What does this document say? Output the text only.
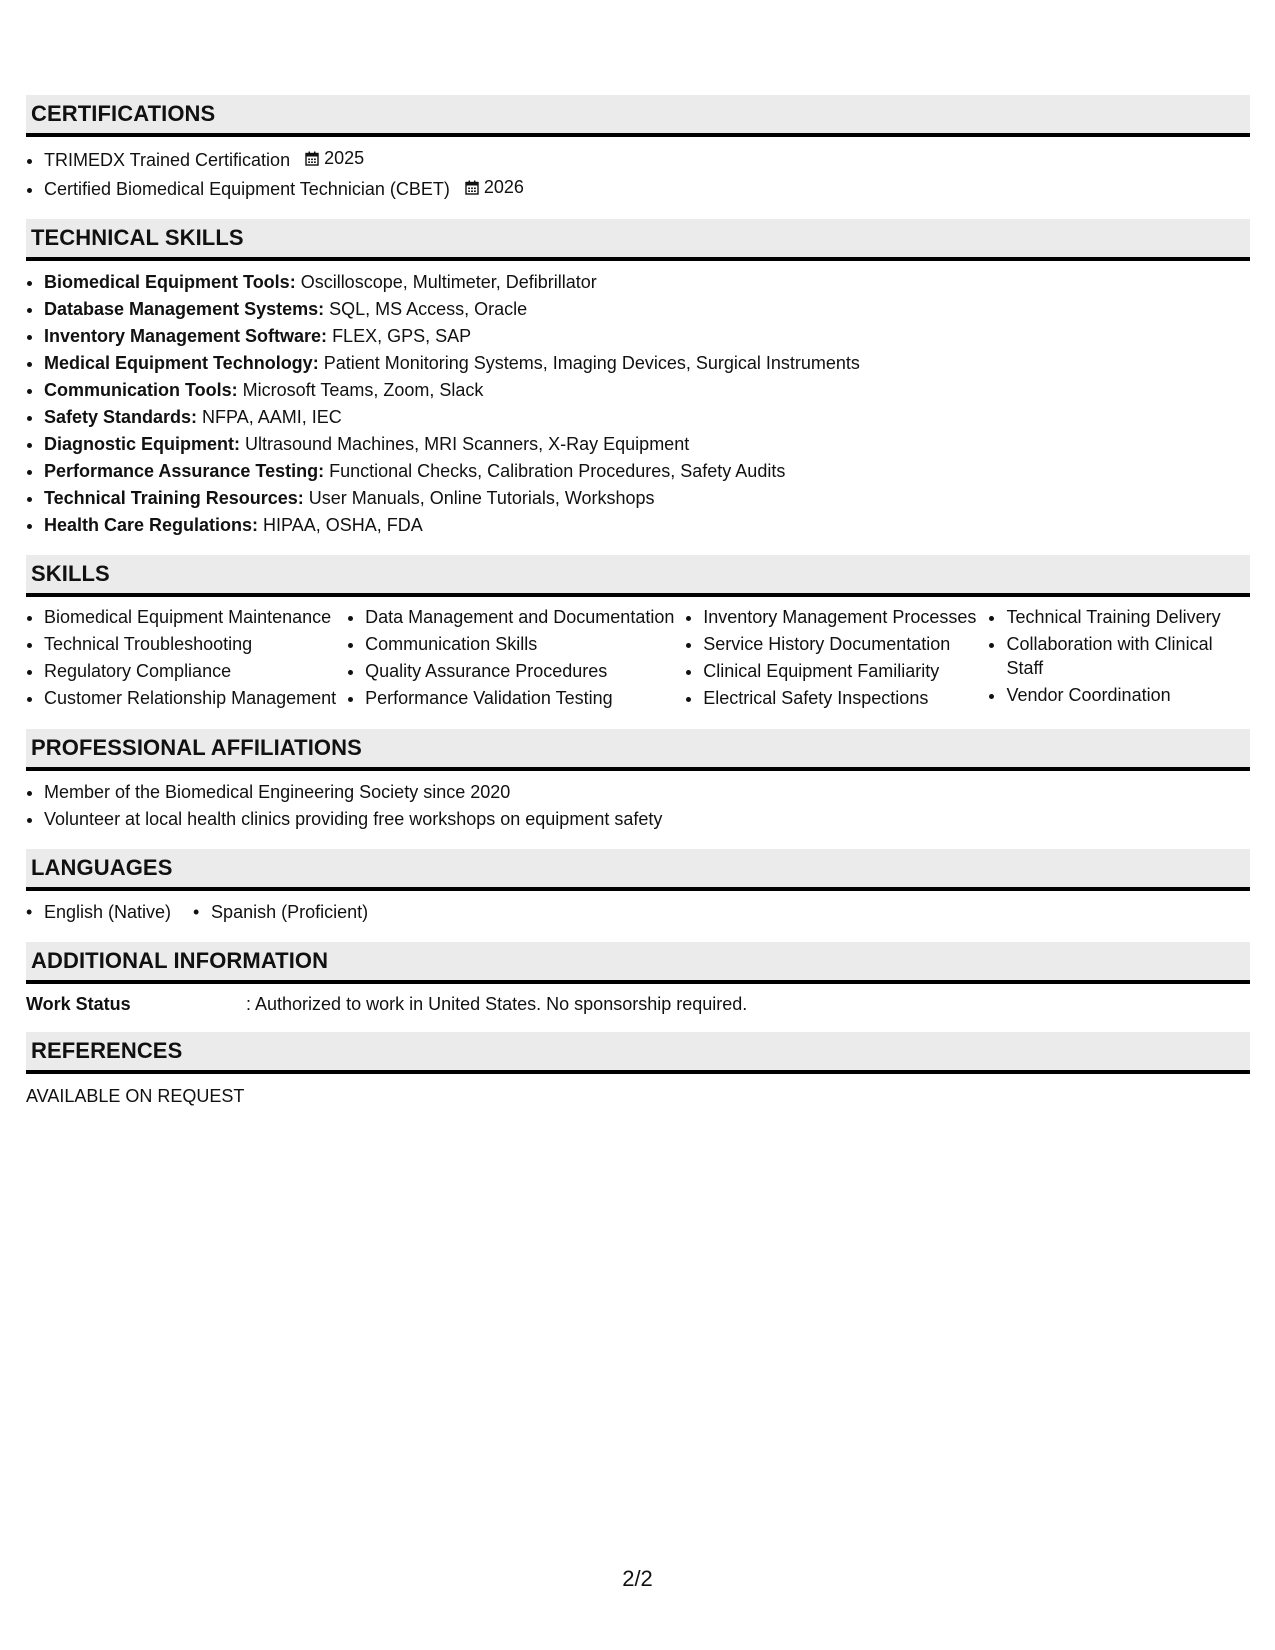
CERTIFICATIONS
• TRIMEDX Trained Certification 2025
• Certified Biomedical Equipment Technician (CBET) 2026
TECHNICAL SKILLS
• Biomedical Equipment Tools: Oscilloscope, Multimeter, Defibrillator
• Database Management Systems: SQL, MS Access, Oracle
• Inventory Management Software: FLEX, GPS, SAP
• Medical Equipment Technology: Patient Monitoring Systems, Imaging Devices, Surgical Instruments
• Communication Tools: Microsoft Teams, Zoom, Slack
• Safety Standards: NFPA, AAMI, IEC
• Diagnostic Equipment: Ultrasound Machines, MRI Scanners, X-Ray Equipment
• Performance Assurance Testing: Functional Checks, Calibration Procedures, Safety Audits
• Technical Training Resources: User Manuals, Online Tutorials, Workshops
• Health Care Regulations: HIPAA, OSHA, FDA
SKILLS
• Biomedical Equipment Maintenance
• Technical Troubleshooting
• Regulatory Compliance
• Customer Relationship Management
• Data Management and Documentation
• Communication Skills
• Quality Assurance Procedures
• Performance Validation Testing
• Inventory Management Processes
• Service History Documentation
• Clinical Equipment Familiarity
• Electrical Safety Inspections
• Technical Training Delivery
• Collaboration with Clinical Staff
• Vendor Coordination
PROFESSIONAL AFFILIATIONS
• Member of the Biomedical Engineering Society since 2020
• Volunteer at local health clinics providing free workshops on equipment safety
LANGUAGES
• English (Native)
•	Spanish (Proficient)
ADDITIONAL INFORMATION
Work Status	: Authorized to work in United States. No sponsorship required.
REFERENCES
AVAILABLE ON REQUEST
2/2
